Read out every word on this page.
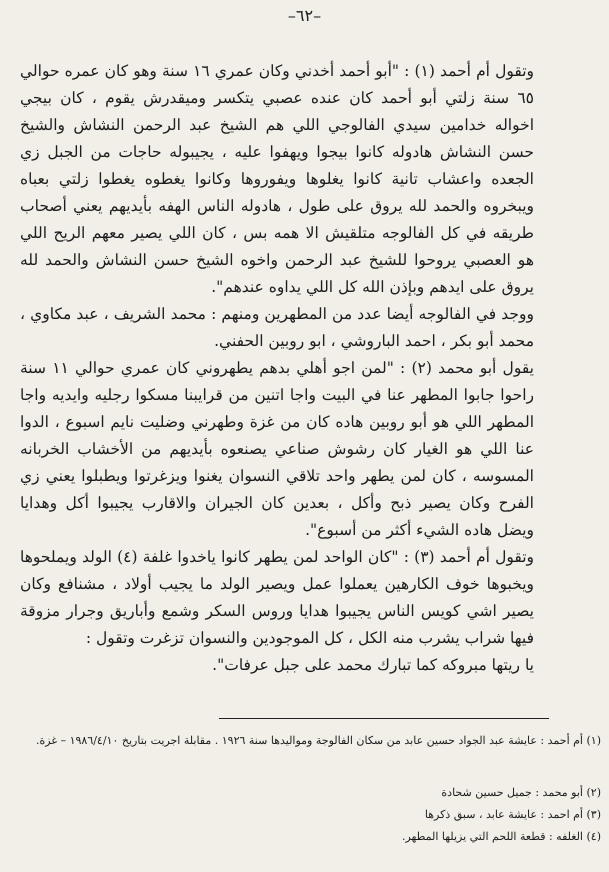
–٦٢–

وتقول أم أحمد (١) : "أبو أحمد أخدني وكان عمري ١٦ سنة وهو كان عمره حوالي ٦٥ سنة زلتي أبو أحمد كان عنده عصبي يتكسر وميقدرش يقوم ، كان بيجي اخواله خدامين سيدي الفالوجي اللي هم الشيخ عبد الرحمن النشاش والشيخ حسن النشاش هادوله كانوا بيجوا ويهفوا عليه ، يجيبوله حاجات من الجبل زي الجعده واعشاب تانية كانوا يغلوها ويفوروها وكانوا يغطوه يغطوا زلتي بعباه ويبخروه والحمد لله يروق على طول ، هادوله الناس الهفه بأيديهم يعني أصحاب طريقه في كل الفالوجه متلقيش الا همه بس ، كان اللي يصير معهم الريح اللي هو العصبي يروحوا للشيخ عبد الرحمن واخوه الشيخ حسن النشاش والحمد لله يروق على ايدهم وبإذن الله كل اللي يداوه عندهم".

ووجد في الفالوجه أيضا عدد من المطهرين ومنهم : محمد الشريف ، عبد مكاوي ، محمد أبو بكر ، احمد الباروشي ، ابو روبين الحفني.

يقول أبو محمد (٢) : "لمن اجو أهلي بدهم يطهروني كان عمري حوالي ١١ سنة راحوا جابوا المطهر عنا في البيت واجا اتنين من قرايبنا مسكوا رجليه وايديه واجا المطهر اللي هو أبو روبين هاده كان من غزة وطهرني وضليت نايم اسبوع ، الدوا عنا اللي هو الغيار كان رشوش صناعي يصنعوه بأيديهم من الأخشاب الخربانه المسوسه ، كان لمن يطهر واحد تلاقي النسوان يغنوا ويزغرتوا ويطبلوا يعني زي الفرح وكان يصير ذبح وأكل ، بعدين كان الجيران والاقارب يجيبوا أكل وهدايا ويضل هاده الشيء أكثر من أسبوع".

وتقول أم أحمد (٣) : "كان الواحد لمن يطهر كانوا ياخدوا غلفة (٤) الولد ويملحوها ويخبوها خوف الكارهين يعملوا عمل ويصير الولد ما يجيب أولاد ، مشنافع وكان يصير اشي كويس الناس يجيبوا هدايا وروس السكر وشمع وأباريق وجرار مزوقة فيها شراب يشرب منه الكل ، كل الموجودين والنسوان تزغرت وتقول :

يا ريتها مبروكه كما تبارك محمد على جبل عرفات".

(١) أم أحمد : عايشة عبد الجواد حسين عابد من سكان الفالوجة ومواليدها سنة ١٩٢٦ . مقابلة اجريت بتاريخ ١٩٨٦/٤/١٠ – غزة.

(٢) أبو محمد : جميل حسين شحادة

(٣) أم احمد : عايشة عابد ، سبق ذكرها

(٤) الغلفه : قطعة اللحم التي يزيلها المطهر.
